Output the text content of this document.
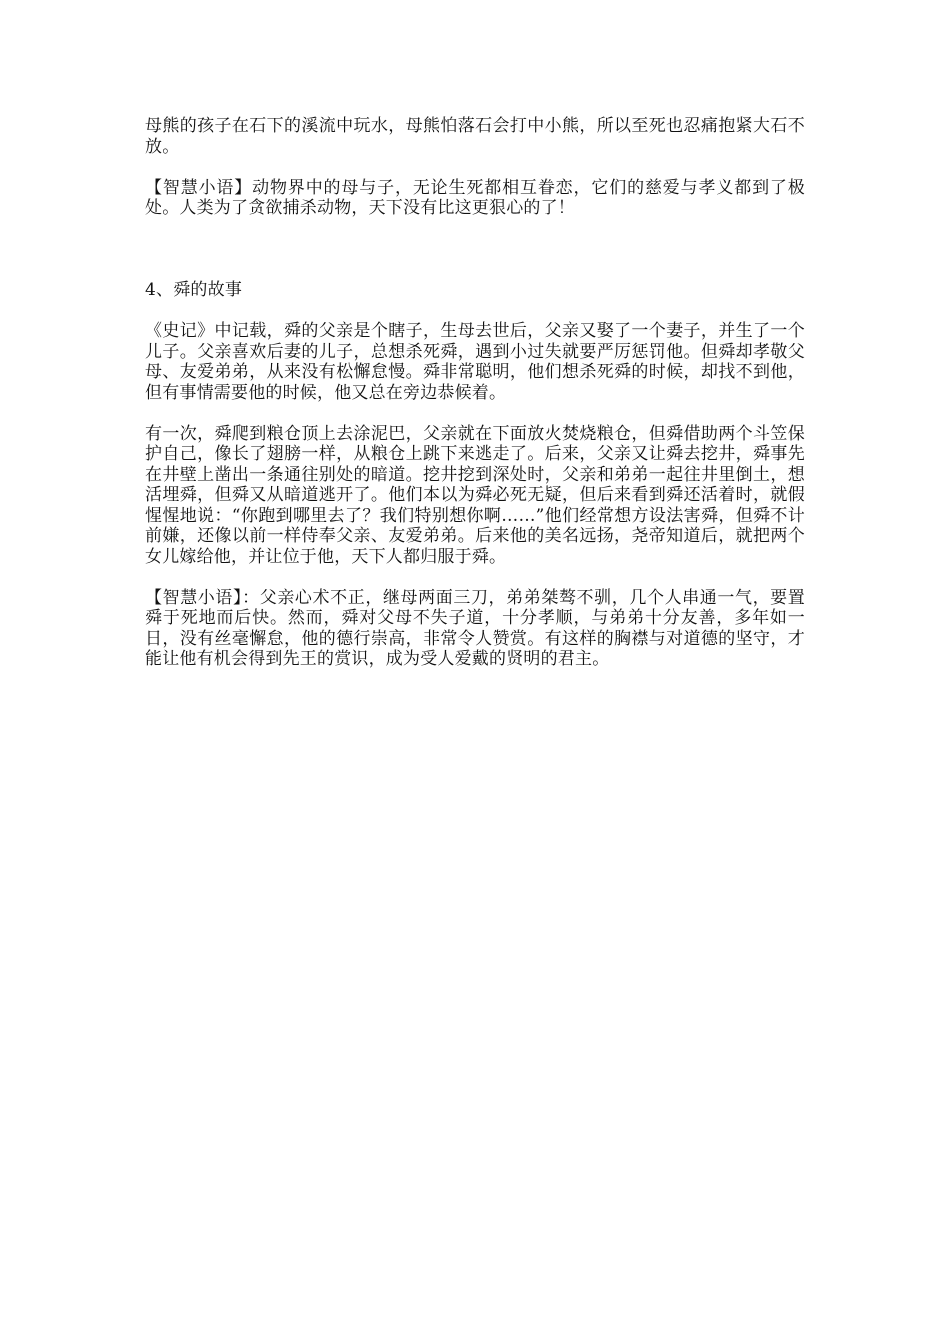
母熊的孩子在石下的溪流中玩水，母熊怕落石会打中小熊，所以至死也忍痛抱紧大石不放。

【智慧小语】动物界中的母与子，无论生死都相互眷恋，它们的慈爱与孝义都到了极处。人类为了贪欲捕杀动物，天下没有比这更狠心的了！

4、舜的故事

《史记》中记载，舜的父亲是个瞎子，生母去世后，父亲又娶了一个妻子，并生了一个儿子。父亲喜欢后妻的儿子，总想杀死舜，遇到小过失就要严厉惩罚他。但舜却孝敬父母、友爱弟弟，从来没有松懈怠慢。舜非常聪明，他们想杀死舜的时候，却找不到他，但有事情需要他的时候，他又总在旁边恭候着。

有一次，舜爬到粮仓顶上去涂泥巴，父亲就在下面放火焚烧粮仓，但舜借助两个斗笠保护自己，像长了翅膀一样，从粮仓上跳下来逃走了。后来，父亲又让舜去挖井，舜事先在井壁上凿出一条通往别处的暗道。挖井挖到深处时，父亲和弟弟一起往井里倒土，想活埋舜，但舜又从暗道逃开了。他们本以为舜必死无疑，但后来看到舜还活着时，就假惺惺地说：“你跑到哪里去了？我们特别想你啊……”他们经常想方设法害舜，但舜不计前嫌，还像以前一样侍奉父亲、友爱弟弟。后来他的美名远扬，尧帝知道后，就把两个女儿嫁给他，并让位于他，天下人都归服于舜。

【智慧小语】：父亲心术不正，继母两面三刀，弟弟桀骜不驯，几个人串通一气，要置舜于死地而后快。然而，舜对父母不失子道，十分孝顺，与弟弟十分友善，多年如一日，没有丝毫懈怠，他的德行崇高，非常令人赞赏。有这样的胸襟与对道德的坚守，才能让他有机会得到先王的赏识，成为受人爱戴的贤明的君主。
